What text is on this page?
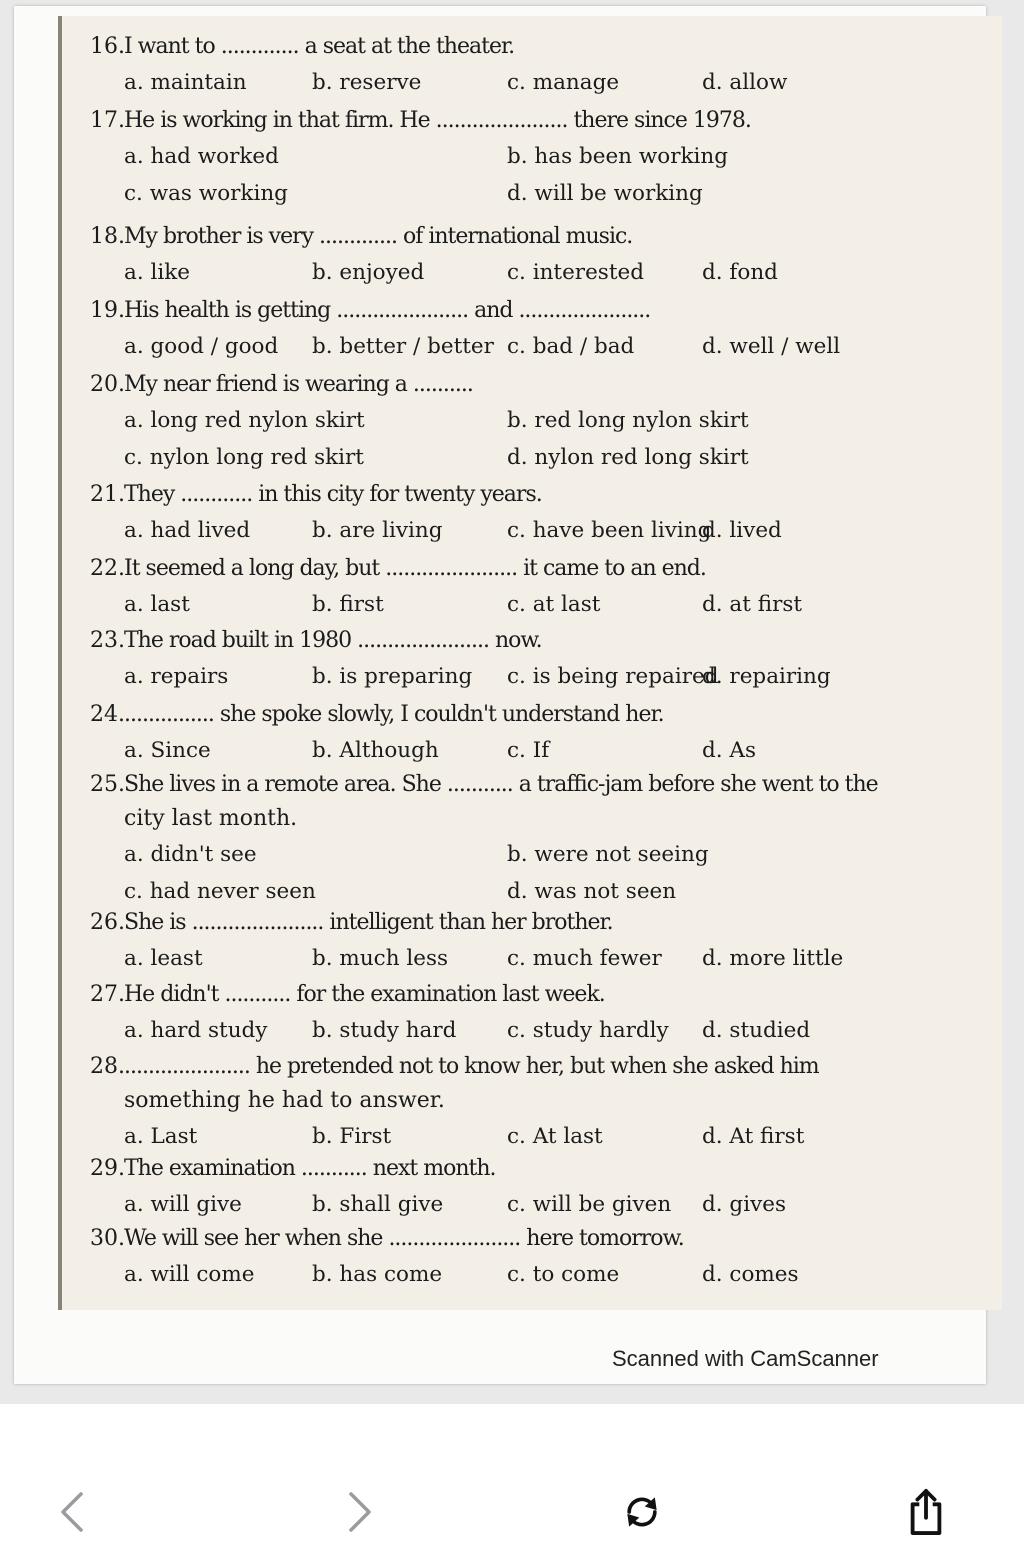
16. I want to ............. a seat at the theater.
a. maintain	b. reserve	c. manage	d. allow
17. He is working in that firm. He ...................... there since 1978.
a. had worked	b. has been working
c. was working	d. will be working
18. My brother is very ............. of international music.
a. like	b. enjoyed	c. interested	d. fond
19. His health is getting ...................... and ......................
a. good / good b. better / better c. bad / bad	d. well / well
20. My near friend is wearing a ..........
a. long red nylon skirt	b. red long nylon skirt
c. nylon long red skirt	d. nylon red long skirt
21. They ............ in this city for twenty years.
a. had lived	b. are living	c. have been living
d. lived
22. It seemed a long day, but ...................... it came to an end.
a. last	b. first	c. at last	d. at first
23. The road built in 1980 ...................... now.
a. repairs	b. is preparing c. is being repaired
d. repairing
24. ............... she spoke slowly, I couldn't understand her.
a. Since	b. Although	c. If	d. As
25. She lives in a remote area. She ........... a traffic-jam before she went to the
city last month.
a. didn't see	b. were not seeing
c. had never seen	d. was not seen
26. She is ...................... intelligent than her brother.
a. least	b. much less	c. much fewer d. more little
27. He didn't ........... for the examination last week.
a. hard study b. study hard c. study hardly d. studied
28. ..................... he pretended not to know her, but when she asked him
something he had to answer.
a. Last	b. First	c. At last	d. At first
29. The examination ........... next month.
a. will give	b. shall give	c. will be given d. gives
30. We will see her when she ...................... here tomorrow.
a. will come	b. has come	c. to come	d. comes
Scanned with CamScanner
